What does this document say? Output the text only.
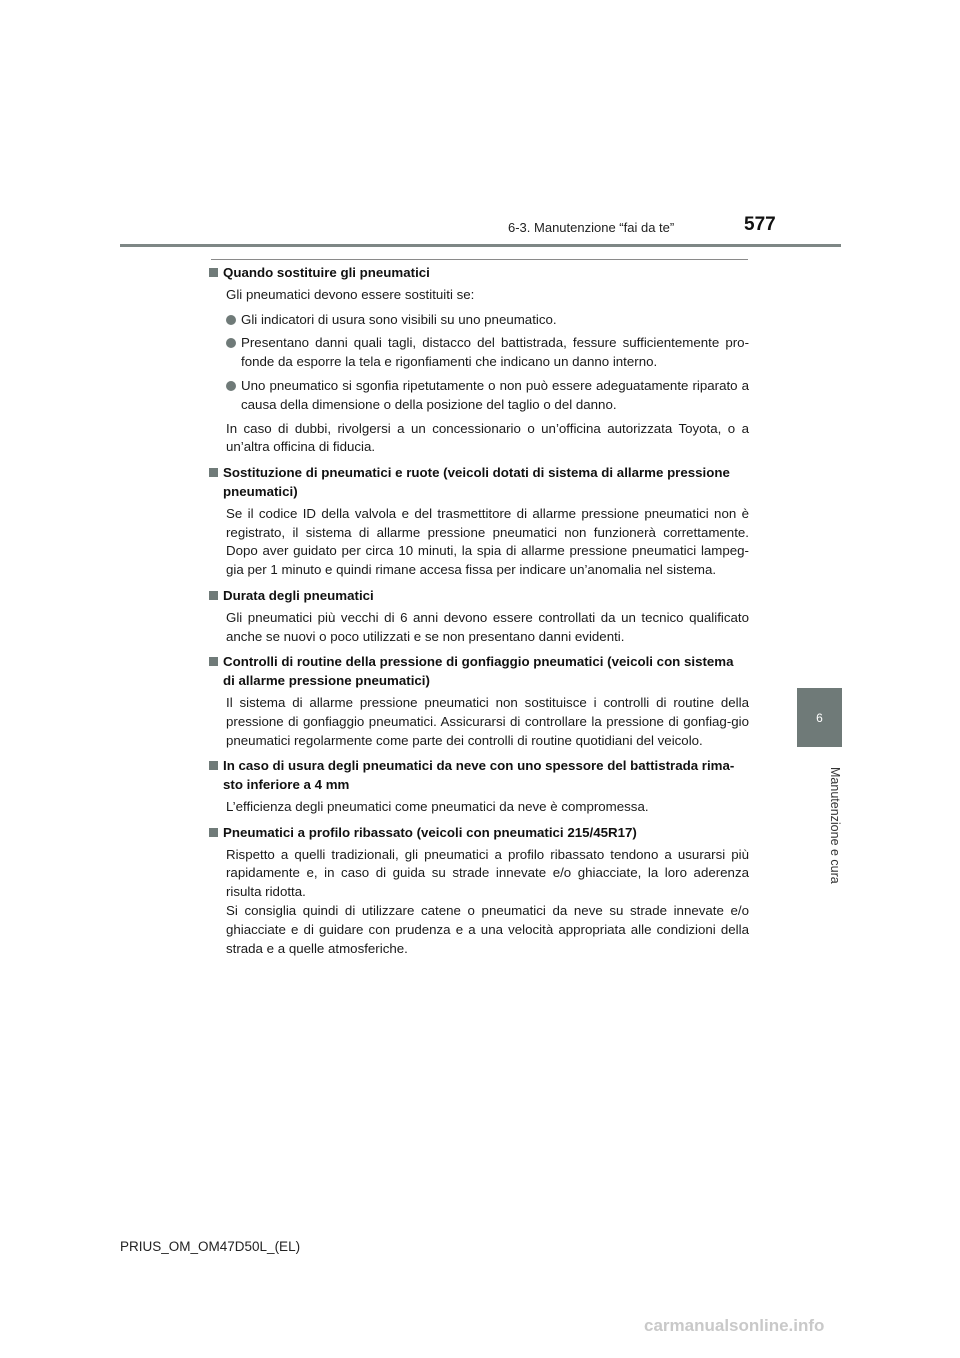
6-3. Manutenzione “fai da te”	577
6
Manutenzione e cura
Quando sostituire gli pneumatici
Gli pneumatici devono essere sostituiti se:
Gli indicatori di usura sono visibili su uno pneumatico.
Presentano danni quali tagli, distacco del battistrada, fessure sufficientemente pro-fonde da esporre la tela e rigonfiamenti che indicano un danno interno.
Uno pneumatico si sgonfia ripetutamente o non può essere adeguatamente riparato a causa della dimensione o della posizione del taglio o del danno.
In caso di dubbi, rivolgersi a un concessionario o un’officina autorizzata Toyota, o a un’altra officina di fiducia.
Sostituzione di pneumatici e ruote (veicoli dotati di sistema di allarme pressione pneumatici)
Se il codice ID della valvola e del trasmettitore di allarme pressione pneumatici non è registrato, il sistema di allarme pressione pneumatici non funzionerà correttamente. Dopo aver guidato per circa 10 minuti, la spia di allarme pressione pneumatici lampeg-gia per 1 minuto e quindi rimane accesa fissa per indicare un’anomalia nel sistema.
Durata degli pneumatici
Gli pneumatici più vecchi di 6 anni devono essere controllati da un tecnico qualificato anche se nuovi o poco utilizzati e se non presentano danni evidenti.
Controlli di routine della pressione di gonfiaggio pneumatici (veicoli con sistema di allarme pressione pneumatici)
Il sistema di allarme pressione pneumatici non sostituisce i controlli di routine della pressione di gonfiaggio pneumatici. Assicurarsi di controllare la pressione di gonfiag-gio pneumatici regolarmente come parte dei controlli di routine quotidiani del veicolo.
In caso di usura degli pneumatici da neve con uno spessore del battistrada rima-sto inferiore a 4 mm
L’efficienza degli pneumatici come pneumatici da neve è compromessa.
Pneumatici a profilo ribassato (veicoli con pneumatici 215/45R17)
Rispetto a quelli tradizionali, gli pneumatici a profilo ribassato tendono a usurarsi più rapidamente e, in caso di guida su strade innevate e/o ghiacciate, la loro aderenza risulta ridotta.
Si consiglia quindi di utilizzare catene o pneumatici da neve su strade innevate e/o ghiacciate e di guidare con prudenza e a una velocità appropriata alle condizioni della strada e a quelle atmosferiche.
PRIUS_OM_OM47D50L_(EL)
carmanualsonline.info
